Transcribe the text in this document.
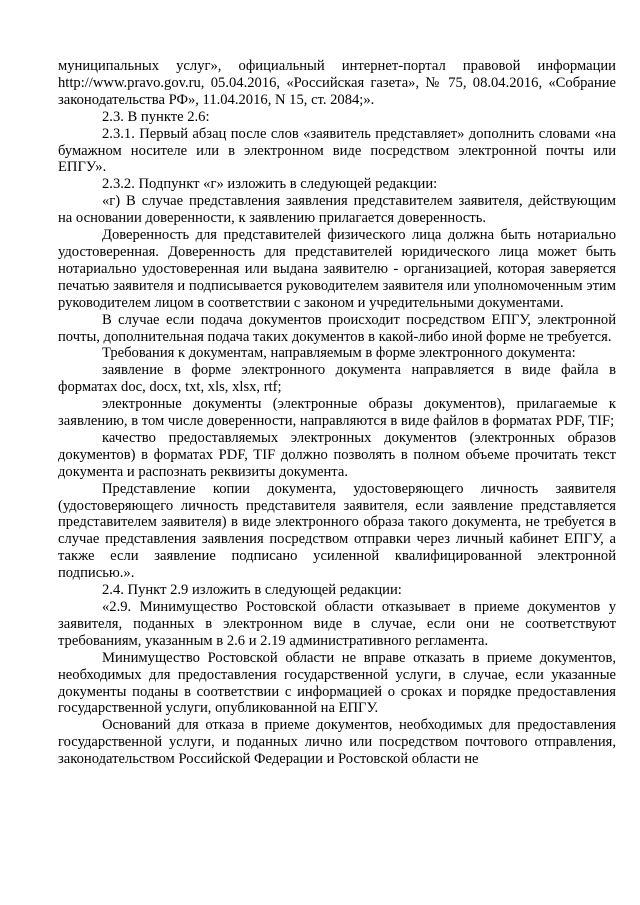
муниципальных услуг», официальный интернет-портал правовой информации http://www.pravo.gov.ru, 05.04.2016, «Российская газета», № 75, 08.04.2016, «Собрание законодательства РФ», 11.04.2016, N 15, ст. 2084;».

2.3. В пункте 2.6:

2.3.1. Первый абзац после слов «заявитель представляет» дополнить словами «на бумажном носителе или в электронном виде посредством электронной почты или ЕПГУ».

2.3.2. Подпункт «г» изложить в следующей редакции:

«г) В случае представления заявления представителем заявителя, действующим на основании доверенности, к заявлению прилагается доверенность.

Доверенность для представителей физического лица должна быть нотариально удостоверенная. Доверенность для представителей юридического лица может быть нотариально удостоверенная или выдана заявителю - организацией, которая заверяется печатью заявителя и подписывается руководителем заявителя или уполномоченным этим руководителем лицом в соответствии с законом и учредительными документами.

В случае если подача документов происходит посредством ЕПГУ, электронной почты, дополнительная подача таких документов в какой-либо иной форме не требуется.

Требования к документам, направляемым в форме электронного документа:

заявление в форме электронного документа направляется в виде файла в форматах doc, docx, txt, xls, xlsx, rtf;

электронные документы (электронные образы документов), прилагаемые к заявлению, в том числе доверенности, направляются в виде файлов в форматах PDF, TIF;

качество предоставляемых электронных документов (электронных образов документов) в форматах PDF, TIF должно позволять в полном объеме прочитать текст документа и распознать реквизиты документа.

Представление копии документа, удостоверяющего личность заявителя (удостоверяющего личность представителя заявителя, если заявление представляется представителем заявителя) в виде электронного образа такого документа, не требуется в случае представления заявления посредством отправки через личный кабинет ЕПГУ, а также если заявление подписано усиленной квалифицированной электронной подписью.».

2.4. Пункт 2.9 изложить в следующей редакции:

«2.9. Минимущество Ростовской области отказывает в приеме документов у заявителя, поданных в электронном виде в случае, если они не соответствуют требованиям, указанным в 2.6 и 2.19 административного регламента.

Минимущество Ростовской области не вправе отказать в приеме документов, необходимых для предоставления государственной услуги, в случае, если указанные документы поданы в соответствии с информацией о сроках и порядке предоставления государственной услуги, опубликованной на ЕПГУ.

Оснований для отказа в приеме документов, необходимых для предоставления государственной услуги, и поданных лично или посредством почтового отправления, законодательством Российской Федерации и Ростовской области не
